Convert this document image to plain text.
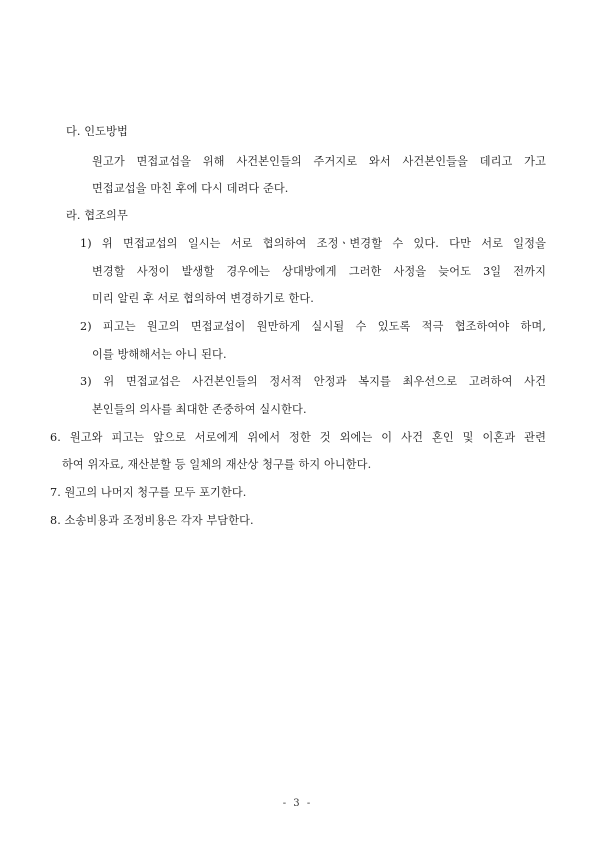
다. 인도방법
원고가 면접교섭을 위해 사건본인들의 주거지로 와서 사건본인들을 데리고 가고
면접교섭을 마친 후에 다시 데려다 준다.
라. 협조의무
1) 위 면접교섭의 일시는 서로 협의하여 조정ㆍ변경할 수 있다. 다만 서로 일정을
변경할 사정이 발생할 경우에는 상대방에게 그러한 사정을 늦어도 3일 전까지
미리 알린 후 서로 협의하여 변경하기로 한다.
2) 피고는 원고의 면접교섭이 원만하게 실시될 수 있도록 적극 협조하여야 하며,
이를 방해해서는 아니 된다.
3) 위 면접교섭은 사건본인들의 정서적 안정과 복지를 최우선으로 고려하여 사건
본인들의 의사를 최대한 존중하여 실시한다.
6. 원고와 피고는 앞으로 서로에게 위에서 정한 것 외에는 이 사건 혼인 및 이혼과 관련
하여 위자료, 재산분할 등 일체의 재산상 청구를 하지 아니한다.
7. 원고의 나머지 청구를 모두 포기한다.
8. 소송비용과 조정비용은 각자 부담한다.
- 3 -
